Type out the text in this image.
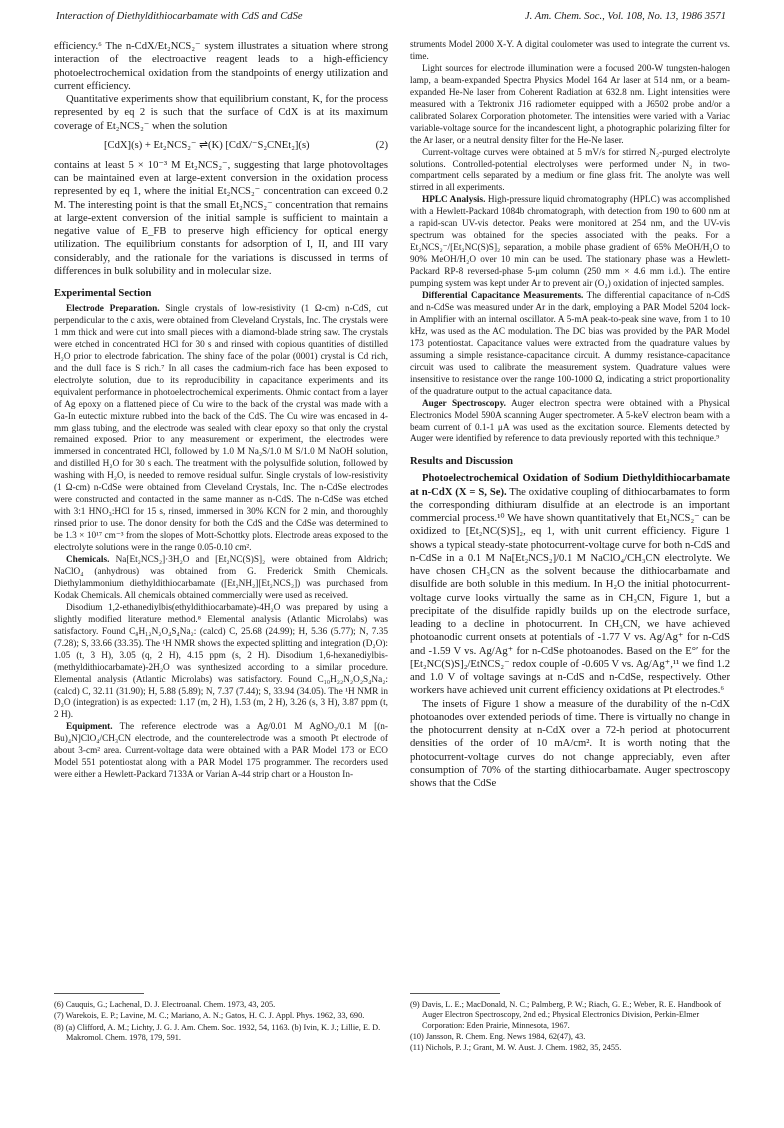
Interaction of Diethyldithiocarbamate with CdS and CdSe	J. Am. Chem. Soc., Vol. 108, No. 13, 1986 3571

efficiency.⁶ The n-CdX/Et₂NCS₂⁻ system illustrates a situation where strong interaction of the electroactive reagent leads to a high-efficiency photoelectrochemical oxidation from the standpoints of energy utilization and current efficiency.

Quantitative experiments show that equilibrium constant, K, for the process represented by eq 2 is such that the surface of CdX is at its maximum coverage of Et₂NCS₂⁻ when the solution

[CdX](s) + Et₂NCS₂⁻ ⇌(K) [CdX/⁻S₂CNEt₂](s)	(2)

contains at least 5 × 10⁻³ M Et₂NCS₂⁻, suggesting that large photovoltages can be maintained even at large-extent conversion in the oxidation process represented by eq 1, where the initial Et₂NCS₂⁻ concentration can exceed 0.2 M. The interesting point is that the small Et₂NCS₂⁻ concentration that remains at large-extent conversion of the initial sample is sufficient to maintain a negative value of E_FB to preserve high efficiency for optical energy utilization. The equilibrium constants for adsorption of I, II, and III vary considerably, and the rationale for the variations is discussed in terms of differences in bulk solubility and in molecular size.

Experimental Section

Electrode Preparation. Single crystals of low-resistivity (1 Ω-cm) n-CdS, cut perpendicular to the c axis, were obtained from Cleveland Crystals, Inc. The crystals were 1 mm thick and were cut into small pieces with a diamond-blade string saw. The crystals were etched in concentrated HCl for 30 s and rinsed with copious quantities of distilled H₂O prior to electrode fabrication. The shiny face of the polar (0001) crystal is Cd rich, and the dull face is S rich.⁷ In all cases the cadmium-rich face has been exposed to electrolyte solution, due to its reproducibility in capacitance experiments and its equivalent performance in photoelectrochemical experiments. Ohmic contact from a layer of Ag epoxy on a flattened piece of Cu wire to the back of the crystal was made with a Ga-In eutectic mixture rubbed into the back of the CdS. The Cu wire was encased in 4-mm glass tubing, and the electrode was sealed with clear epoxy so that only the crystal remained exposed. Prior to any measurement or experiment, the electrodes were immersed in concentrated HCl, followed by 1.0 M Na₂S/1.0 M S/1.0 M NaOH solution, and distilled H₂O for 30 s each. The treatment with the polysulfide solution, followed by washing with H₂O, is needed to remove residual sulfur. Single crystals of low-resistivity (1 Ω-cm) n-CdSe were obtained from Cleveland Crystals, Inc. The n-CdSe electrodes were constructed and contacted in the same manner as n-CdS. The n-CdSe was etched with 3:1 HNO₃:HCl for 15 s, rinsed, immersed in 30% KCN for 2 min, and thoroughly rinsed prior to use. The donor density for both the CdS and the CdSe was determined to be 1.3 × 10¹⁷ cm⁻³ from the slopes of Mott-Schottky plots. Electrode areas exposed to the electrolyte solutions were in the range 0.05-0.10 cm².

Chemicals. Na[Et₂NCS₂]·3H₂O and [Et₂NC(S)S]₂ were obtained from Aldrich; NaClO₄ (anhydrous) was obtained from G. Frederick Smith Chemicals. Diethylammonium diethyldithiocarbamate ([Et₂NH₂][Et₂NCS₂]) was purchased from Kodak Chemicals. All chemicals obtained commercially were used as received.

Disodium 1,2-ethanediylbis(ethyldithiocarbamate)-4H₂O was prepared by using a slightly modified literature method.⁸ Elemental analysis (Atlantic Microlabs) was satisfactory. Found C₈H₁₂N₂O₄S₄Na₂: (calcd) C, 25.68 (24.99); H, 5.36 (5.77); N, 7.35 (7.28); S, 33.66 (33.35). The ¹H NMR shows the expected splitting and integration (D₂O): 1.05 (t, 3 H), 3.05 (q, 2 H), 4.15 ppm (s, 2 H). Disodium 1,6-hexanediylbis-(methyldithiocarbamate)-2H₂O was synthesized according to a similar procedure. Elemental analysis (Atlantic Microlabs) was satisfactory. Found C₁₀H₂₂N₂O₂S₄Na₂: (calcd) C, 32.11 (31.90); H, 5.88 (5.89); N, 7.37 (7.44); S, 33.94 (34.05). The ¹H NMR in D₂O (integration) is as expected: 1.17 (m, 2 H), 1.53 (m, 2 H), 3.26 (s, 3 H), 3.87 ppm (t, 2 H).

Equipment. The reference electrode was a Ag/0.01 M AgNO₃/0.1 M [(n-Bu)₄N]ClO₄/CH₃CN electrode, and the counterelectrode was a smooth Pt electrode of about 3-cm² area. Current-voltage data were obtained with a PAR Model 173 or ECO Model 551 potentiostat along with a PAR Model 175 programmer. The recorders used were either a Hewlett-Packard 7133A or Varian A-44 strip chart or a Houston In-

struments Model 2000 X-Y. A digital coulometer was used to integrate the current vs. time.

Light sources for electrode illumination were a focused 200-W tungsten-halogen lamp, a beam-expanded Spectra Physics Model 164 Ar laser at 514 nm, or a beam-expanded He-Ne laser from Coherent Radiation at 632.8 nm. Light intensities were measured with a Tektronix J16 radiometer equipped with a J6502 probe and/or a calibrated Solarex Corporation photometer. The intensities were varied with a Variac variable-voltage source for the incandescent light, a photographic polarizing filter for the Ar laser, or a neutral density filter for the He-Ne laser.

Current-voltage curves were obtained at 5 mV/s for stirred N₂-purged electrolyte solutions. Controlled-potential electrolyses were performed under N₂ in two-compartment cells separated by a medium or fine glass frit. The anolyte was well stirred in all experiments.

HPLC Analysis. High-pressure liquid chromatography (HPLC) was accomplished with a Hewlett-Packard 1084b chromatograph, with detection from 190 to 600 nm at a rapid-scan UV-vis detector. Peaks were monitored at 254 nm, and the UV-vis spectrum was obtained for the species associated with the peaks. For a Et₂NCS₂⁻/[Et₂NC(S)S]₂ separation, a mobile phase gradient of 65% MeOH/H₂O to 90% MeOH/H₂O over 10 min can be used. The stationary phase was a Hewlett-Packard RP-8 reversed-phase 5-μm column (250 mm × 4.6 mm i.d.). The entire pumping system was kept under Ar to prevent air (O₂) oxidation of injected samples.

Differential Capacitance Measurements. The differential capacitance of n-CdS and n-CdSe was measured under Ar in the dark, employing a PAR Model 5204 lock-in Amplifier with an internal oscillator. A 5-mA peak-to-peak sine wave, from 1 to 10 kHz, was used as the AC modulation. The DC bias was provided by the PAR Model 173 potentiostat. Capacitance values were extracted from the quadrature values by assuming a simple resistance-capacitance circuit. A dummy resistance-capacitance circuit was used to calibrate the measurement system. Quadrature values were insensitive to resistance over the range 100-1000 Ω, indicating a strict proportionality of the quadrature output to the actual capacitance data.

Auger Spectroscopy. Auger electron spectra were obtained with a Physical Electronics Model 590A scanning Auger spectrometer. A 5-keV electron beam with a beam current of 0.1-1 μA was used as the excitation source. Elements detected by Auger were identified by reference to data previously reported with this technique.⁹

Results and Discussion

Photoelectrochemical Oxidation of Sodium Diethyldithiocarbamate at n-CdX (X = S, Se). The oxidative coupling of dithiocarbamates to form the corresponding dithiuram disulfide at an electrode is an important commercial process.¹⁰ We have shown quantitatively that Et₂NCS₂⁻ can be oxidized to [Et₂NC(S)S]₂, eq 1, with unit current efficiency. Figure 1 shows a typical steady-state photocurrent-voltage curve for both n-CdS and n-CdSe in a 0.1 M Na[Et₂NCS₂]/0.1 M NaClO₄/CH₃CN electrolyte. We have chosen CH₃CN as the solvent because the dithiocarbamate and disulfide are both soluble in this medium. In H₂O the initial photocurrent-voltage curve looks virtually the same as in CH₃CN, Figure 1, but a precipitate of the disulfide rapidly builds up on the electrode surface, leading to a decline in photocurrent. In CH₃CN, we have achieved photoanodic current onsets at potentials of -1.77 V vs. Ag/Ag⁺ for n-CdS and -1.59 V vs. Ag/Ag⁺ for n-CdSe photoanodes. Based on the E°′ for the [Et₂NC(S)S]₂/EtNCS₂⁻ redox couple of -0.605 V vs. Ag/Ag⁺,¹¹ we find 1.2 and 1.0 V of voltage savings at n-CdS and n-CdSe, respectively. Other workers have achieved unit current efficiency oxidations at Pt electrodes.⁶

The insets of Figure 1 show a measure of the durability of the n-CdX photoanodes over extended periods of time. There is virtually no change in the photocurrent density at n-CdX over a 72-h period at photocurrent densities of the order of 10 mA/cm². It is worth noting that the photocurrent-voltage curves do not change appreciably, even after consumption of 70% of the starting dithiocarbamate. Auger spectroscopy shows that the CdSe

(6) Cauquis, G.; Lachenal, D. J. Electroanal. Chem. 1973, 43, 205.

(7) Warekois, E. P.; Lavine, M. C.; Mariano, A. N.; Gatos, H. C. J. Appl. Phys. 1962, 33, 690.

(8) (a) Clifford, A. M.; Lichty, J. G. J. Am. Chem. Soc. 1932, 54, 1163. (b) Ivin, K. J.; Lillie, E. D. Makromol. Chem. 1978, 179, 591.

(9) Davis, L. E.; MacDonald, N. C.; Palmberg, P. W.; Riach, G. E.; Weber, R. E. Handbook of Auger Electron Spectroscopy, 2nd ed.; Physical Electronics Division, Perkin-Elmer Corporation: Eden Prairie, Minnesota, 1967.

(10) Jansson, R. Chem. Eng. News 1984, 62(47), 43.

(11) Nichols, P. J.; Grant, M. W. Aust. J. Chem. 1982, 35, 2455.
